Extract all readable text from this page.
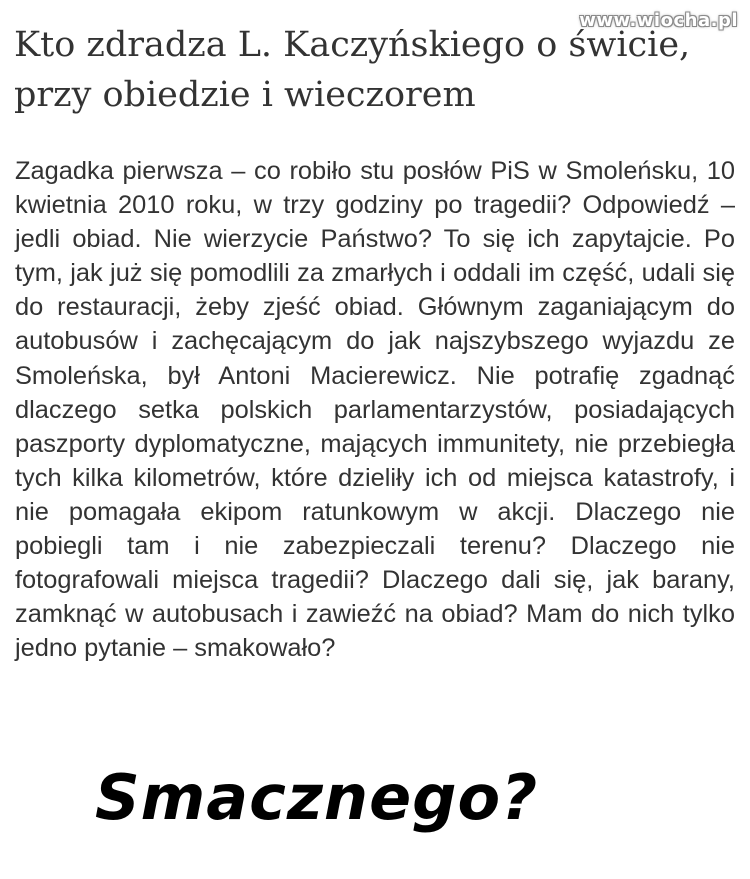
www.wiocha.pl
Kto zdradza L. Kaczyńskiego o świcie, przy obiedzie i wieczorem

Zagadka pierwsza – co robiło stu posłów PiS w Smoleńsku, 10 kwietnia 2010 roku, w trzy godziny po tragedii? Odpowiedź – jedli obiad. Nie wierzycie Państwo? To się ich zapytajcie. Po tym, jak już się pomodlili za zmarłych i oddali im część, udali się do restauracji, żeby zjeść obiad. Głównym zaganiającym do autobusów i zachęcającym do jak najszybszego wyjazdu ze Smoleńska, był Antoni Macierewicz. Nie potrafię zgadnąć dlaczego setka polskich parlamentarzystów, posiadających paszporty dyplomatyczne, mających immunitety, nie przebiegła tych kilka kilometrów, które dzieliły ich od miejsca katastrofy, i nie pomagała ekipom ratunkowym w akcji. Dlaczego nie pobiegli tam i nie zabezpieczali terenu? Dlaczego nie fotografowali miejsca tragedii? Dlaczego dali się, jak barany, zamknąć w autobusach i zawieźć na obiad? Mam do nich tylko jedno pytanie – smakowało?

Smacznego?
